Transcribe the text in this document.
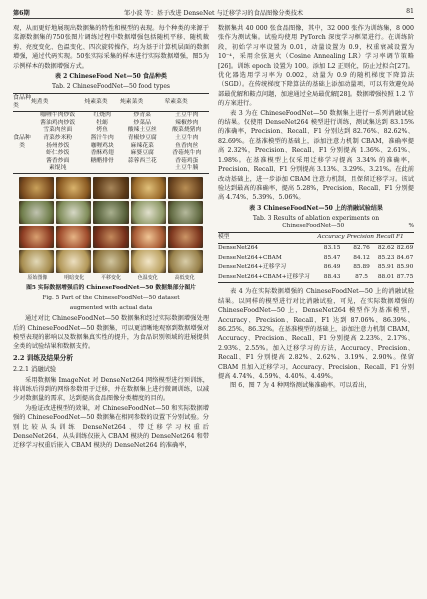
第6期	邹小波 等：基于改进 DenseNet 与迁移学习的食品图像分类技术	81

观，从而更好地展现出数据集的特性和模型的表现。每个种类的来源于菜源数据集的750张图片调练过程中数据增强包括随机平移、随机裁剪、亮度变化、色温变化、四次旋转操作，均为基于计算机层面的数据增强，通过代码实现。50张实际采集的样本进行实际数据增强，图5为示例样本的数据增强方式。

表 2 ChineseFood Net—50 食品种类
Tab. 2 ChineseFoodNet—50 food types
食品种类	炖煮类	炖素菜类	炖素菜类	荤素菜类
食品种类	咖喱牛肉炒饭	红烧肉	炒青菜	土豆牛肉
	酱油鸡肉炒饭	牡蛎	炒菜品	辣椒炒肉
	雪菜肉丝面	烤鱼	酸辣土豆丝	酸菜烧猪肉
	青菜炒米粉	酱汁牛肉	青椒炒豆腐	土豆牛肉
	扬州炒饭	咖喱鸡块	麻辣花菜	鱼香肉丝
	虾仁炒饭	香酥鸡翅	麻婆豆腐	香菇炖牛肉
	酱香炒面	糖醋排骨	蒜蓉西兰花	香菇鸡蛋
	素馄饨			土豆牛腩
原始图像	明暗变化	平移变化	色温变化	高低变化
图5 实际数据增强后的 ChineseFoodNet—50 数据集部分图片
Fig. 5 Part of the ChineseFoodNet—50 dataset
augmented with actual data

通过对比 ChineseFoodNet—50 数据集和经过实际数据增强处理后的 ChineseFoodNet—50 数据集，可以更清晰地观察到数据增强对模型表现的影响以及数据集真实性的提升，为食品识别领域的进展提供全类的试验结果和数据支持。

2.2 训练及结果分析
2.2.1 消融试验

采用数据集 ImageNet 对 DenseNet264 网络模型进行预训练，将训练后得到的网络参数用于迁移，并在数据集上进行微调训练，以减少对数据量的需求，达到提高食品图像分类精度的目的。

为验证改进模型的效果，对 ChineseFoodNet—50 和实际数据增强的 ChineseFoodNet—50 数据集在相同参数的设置下分别试验。分别比较从头训练 DenseNet264、带迁移学习权重后 DenseNet264、从头训练仅嵌入 CBAM 模块的 DenseNet264 和带迁移学习权重后嵌入 CBAM 模块的 DenseNet264 的准确率，

数据集共 40 000 张食品图像，其中，32 000 张作为训练集，8 000 张作为测试集。试验均使用 PyTorch 深度学习框架进行。在训练阶段，初始学习率设置为 0.01，动量设置为 0.9，权重衰减设置为 10⁻⁴，采用余弦退火（Cosine Annealing LR）学习率调节策略[26]。训练 epoch 设置为 100。添加 L2 正则化，防止过拟合[27]。优化器选用学习率为 0.002，动量为 0.9 的随机梯度下降算法（SGD）。在传统梯度下降算法的基础上添加动量项，可以有效避免局部最优解和鞍点问题，加速通过全局最优解[28]。数据增强按照 1.2 节的方案进行。

表 3 为在 ChineseFoodNet—50 数据集上进行一系列消融试验的结果。仅使用 DenseNet264 模型进行训练，测试集达到 83.15% 的准确率，Precision、Recall、F1 分别达到 82.76%、82.62%、82.69%。在基准模型的基础上，添加注意力机制 CBAM，准确率提高 2.32%，Precision、Recall、F1 分别提高 1.36%、2.61%、1.98%。在基准模型上仅采用迁移学习提高 3.34% 的准确率，Precision、Recall、F1 分别提高 3.13%、3.29%、3.21%。在此前改动基础上，进一步添加 CBAM 注意力机制，且保留迁移学习。该试验达到最高的准确率，提高 5.28%，Precision、Recall、F1 分别提高 4.74%、5.39%、5.06%。

表 3 ChineseFoodNet—50 上的消融试验结果
Tab. 3 Results of ablation experiments on
ChineseFoodNet—50	%
模型	Accuracy	Precision	Recall	F1
DenseNet264	83.15	82.76	82.62	82.69
DenseNet264+CBAM	85.47	84.12	85.23	84.67
DenseNet264+迁移学习	86.49	85.89	85.91	85.90
DenseNet264+CBAM+迁移学习	88.43	87.5	88.01	87.75

表 4 为在实际数据增强的 ChineseFoodNet—50 上的消融试验结果。以同样的模型进行对比消融试验，可见，在实际数据增强的 ChineseFoodNet—50 上，DenseNet264 模型作为基准模型，Accuracy、Precision、Recall、F1 达到 87.06%、86.39%、86.25%、86.32%。在基准模型的基础上，添加注意力机制 CBAM，Accuracy、Precision、Recall、F1 分别提高 2.23%、2.17%、2.93%、2.55%。加入迁移学习的方法，Accuracy、Precision、Recall、F1 分别提高 2.82%、2.62%、3.19%、2.90%。保留 CBAM 且加入迁移学习，Accuracy、Precision、Recall、F1 分别提高 4.74%、4.59%、4.40%、4.49%。

图 6、图 7 为 4 种网络测试集准确率。可以看出，
